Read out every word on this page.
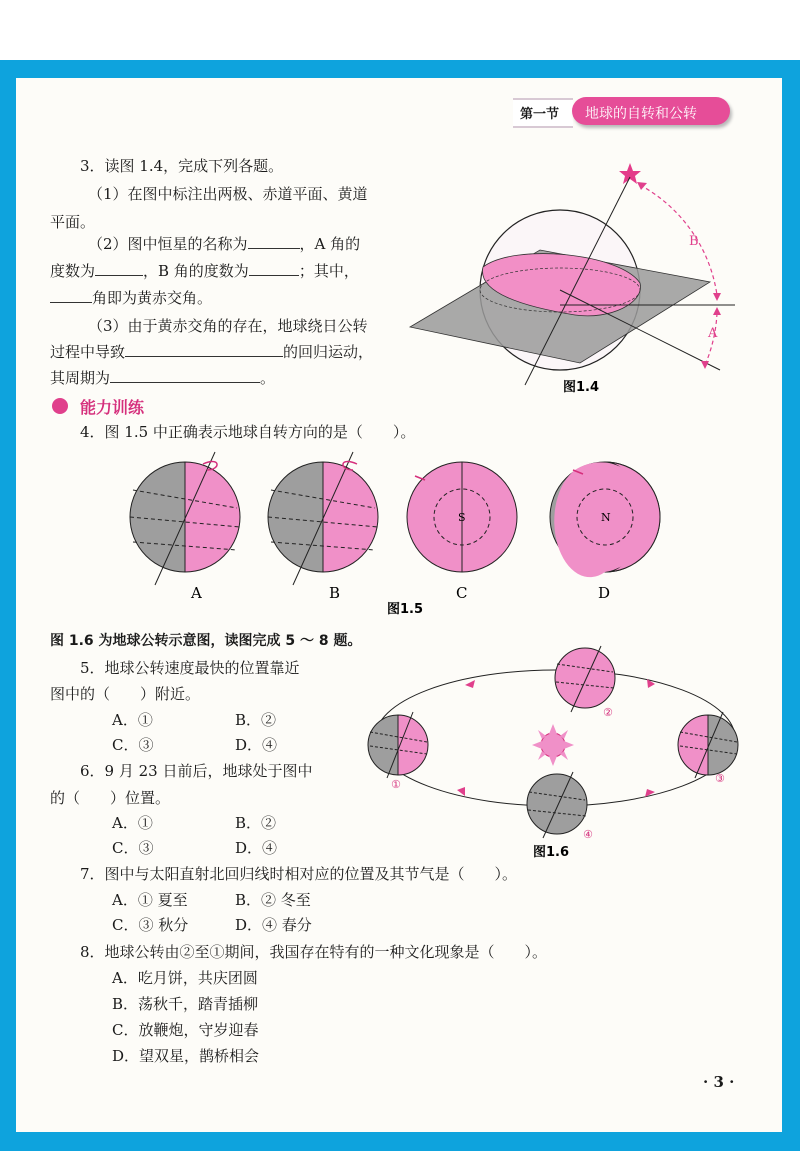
第一节 地球的自转和公转
3．读图 1.4，完成下列各题。
（1）在图中标注出两极、赤道平面、黄道
平面。
（2）图中恒星的名称为	，A 角的
度数为	，B 角的度数为	；其中，
角即为黄赤交角。
（3）由于黄赤交角的存在，地球绕日公转
过程中导致	的回归运动，
其周期为	。
B
A
图1.4
能力训练
4．图 1.5 中正确表示地球自转方向的是（　　）。
S	N
A	B	C	D
图1.5
图 1.6 为地球公转示意图，读图完成 5 ～ 8 题。
5．地球公转速度最快的位置靠近
图中的（　　）附近。
A．①	B．②
C．③	D．④
6．9 月 23 日前后，地球处于图中
的（　　）位置。
A．①	B．②
C．③	D．④
①
②
③
④
图1.6
7．图中与太阳直射北回归线时相对应的位置及其节气是（　　）。
A．① 夏至	B．② 冬至
C．③ 秋分	D．④ 春分
8．地球公转由②至①期间，我国存在特有的一种文化现象是（　　）。
A．吃月饼，共庆团圆
B．荡秋千，踏青插柳
C．放鞭炮，守岁迎春
D．望双星，鹊桥相会
· 3 ·
